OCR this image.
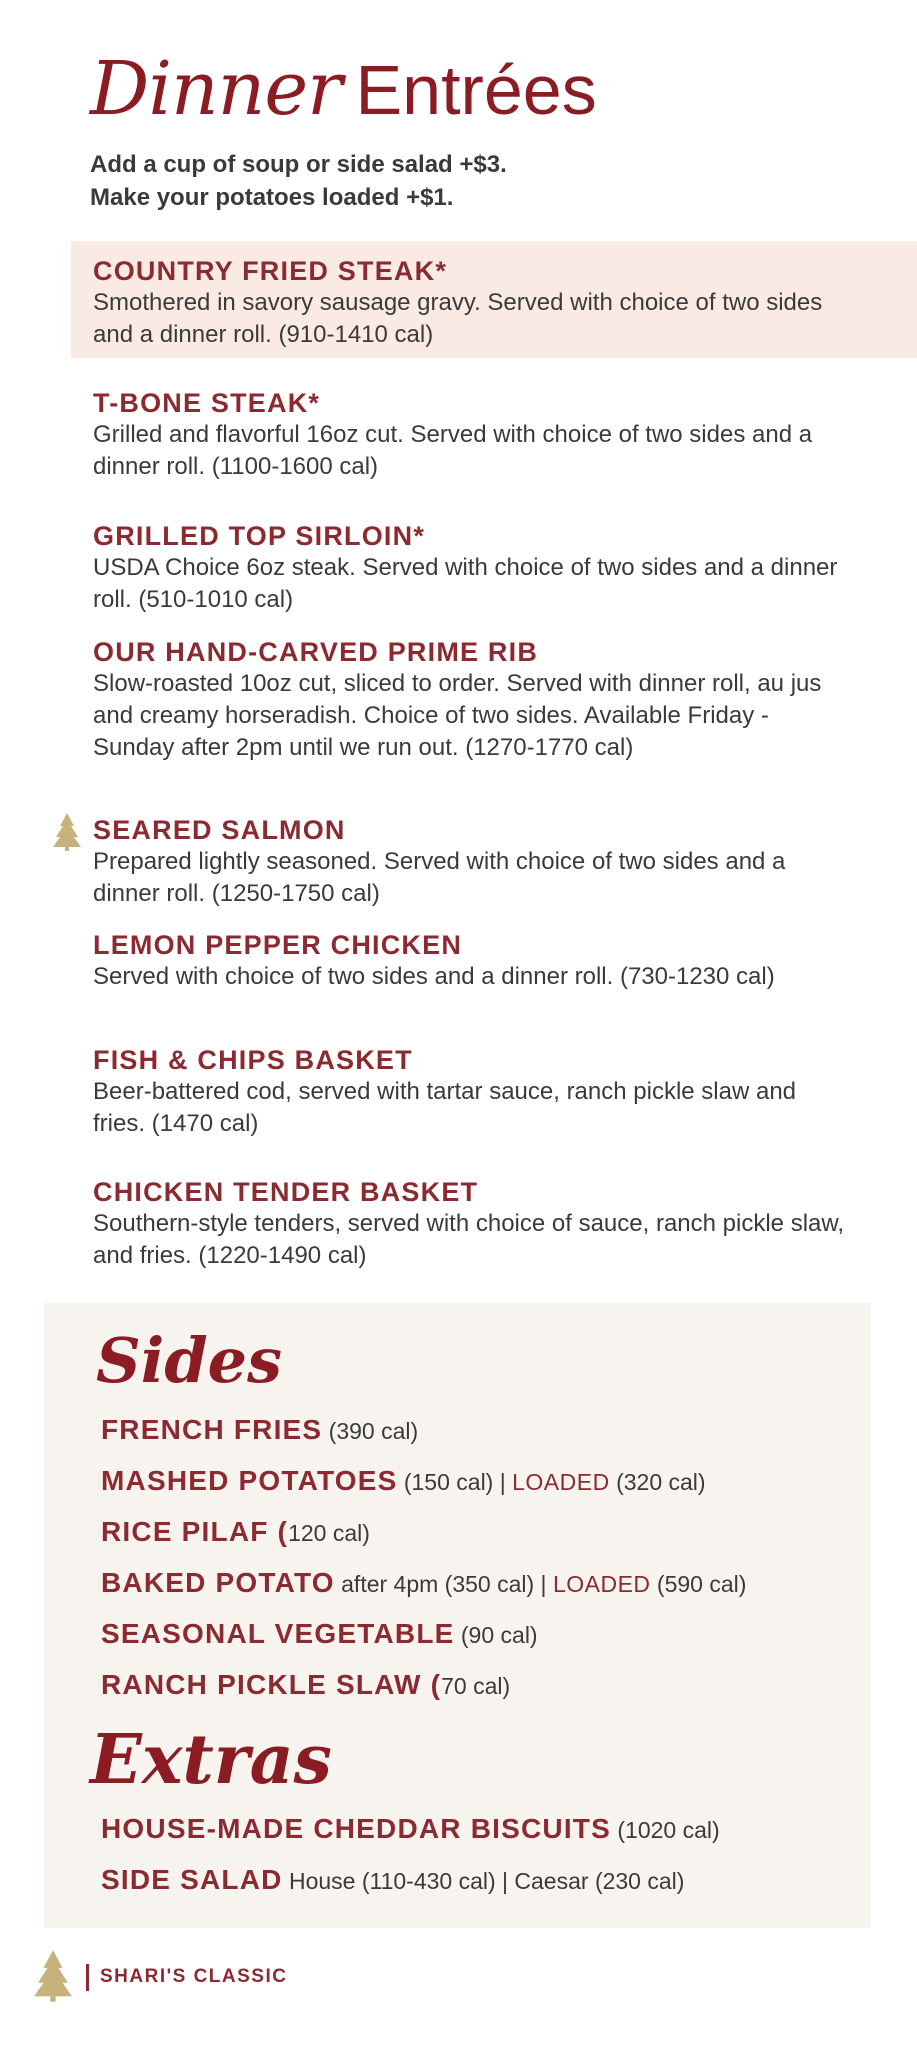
Dinner Entrées
Add a cup of soup or side salad +$3.
Make your potatoes loaded +$1.
COUNTRY FRIED STEAK*
Smothered in savory sausage gravy. Served with choice of two sides and a dinner roll. (910-1410 cal)
T-BONE STEAK*
Grilled and flavorful 16oz cut. Served with choice of two sides and a dinner roll. (1100-1600 cal)
GRILLED TOP SIRLOIN*
USDA Choice 6oz steak. Served with choice of two sides and a dinner roll. (510-1010 cal)
OUR HAND-CARVED PRIME RIB
Slow-roasted 10oz cut, sliced to order. Served with dinner roll, au jus and creamy horseradish. Choice of two sides. Available Friday - Sunday after 2pm until we run out. (1270-1770 cal)
SEARED SALMON
Prepared lightly seasoned. Served with choice of two sides and a dinner roll. (1250-1750 cal)
LEMON PEPPER CHICKEN
Served with choice of two sides and a dinner roll. (730-1230 cal)
FISH & CHIPS BASKET
Beer-battered cod, served with tartar sauce, ranch pickle slaw and fries. (1470 cal)
CHICKEN TENDER BASKET
Southern-style tenders, served with choice of sauce, ranch pickle slaw, and fries. (1220-1490 cal)
Sides
FRENCH FRIES (390 cal)
MASHED POTATOES (150 cal) | LOADED (320 cal)
RICE PILAF (120 cal)
BAKED POTATO after 4pm (350 cal) | LOADED (590 cal)
SEASONAL VEGETABLE (90 cal)
RANCH PICKLE SLAW (70 cal)
Extras
HOUSE-MADE CHEDDAR BISCUITS (1020 cal)
SIDE SALAD House (110-430 cal) | Caesar (230 cal)
SHARI'S CLASSIC
